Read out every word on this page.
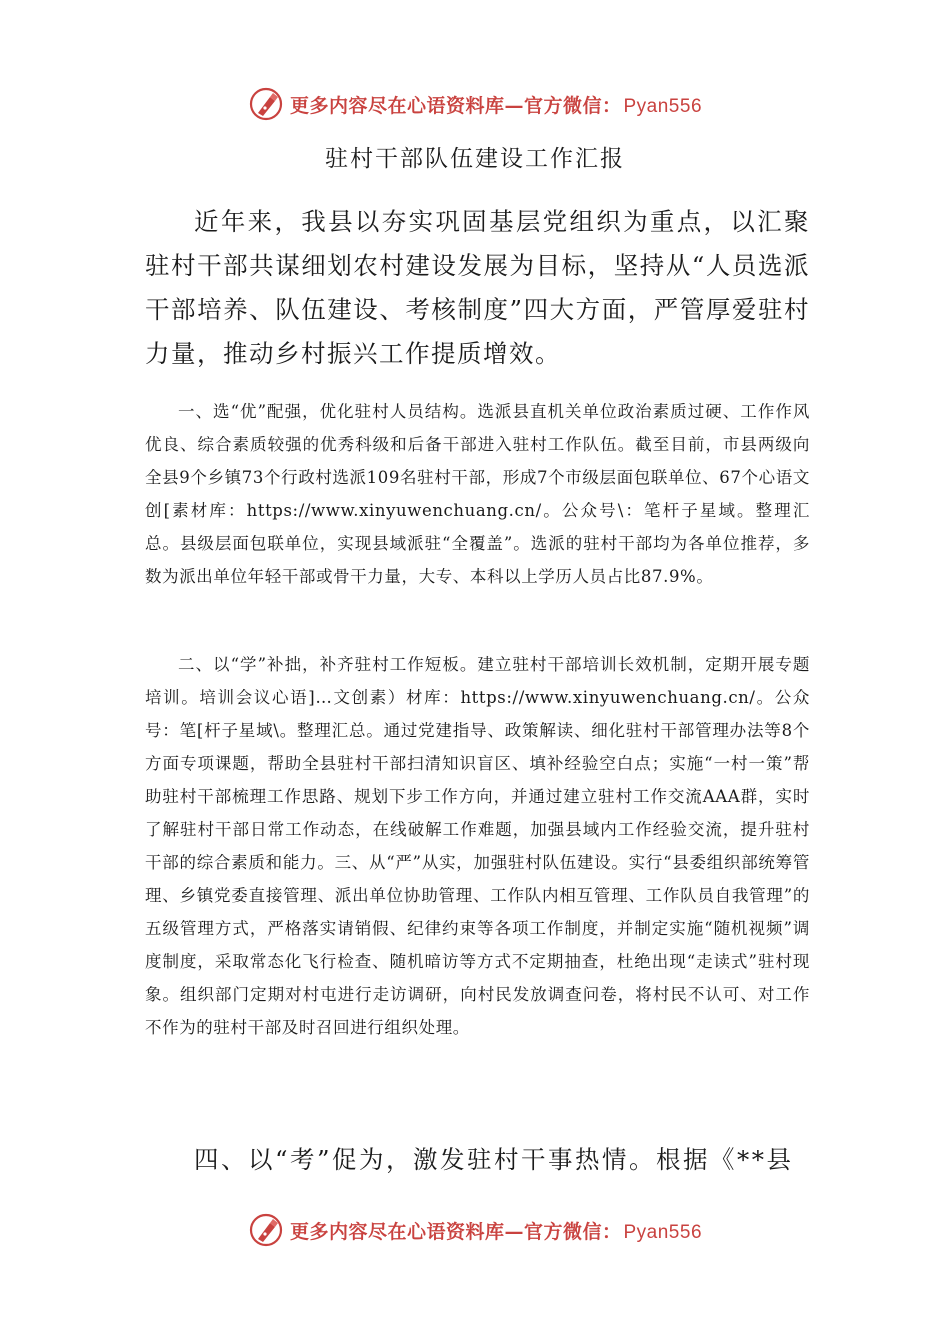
更多内容尽在心语资料库—官方微信： Pyan556
驻村干部队伍建设工作汇报

近年来，我县以夯实巩固基层党组织为重点，以汇聚驻村干部共谋细划农村建设发展为目标，坚持从“人员选派干部培养、队伍建设、考核制度”四大方面，严管厚爱驻村力量，推动乡村振兴工作提质增效。

一、选“优”配强，优化驻村人员结构。选派县直机关单位政治素质过硬、工作作风优良、综合素质较强的优秀科级和后备干部进入驻村工作队伍。截至目前，市县两级向全县9个乡镇73个行政村选派109名驻村干部，形成7个市级层面包联单位、67个心语文创[素材库：https://www.xinyuwenchuang.cn/。公众号\：笔杆子星域。整理汇总。县级层面包联单位，实现县域派驻“全覆盖”。选派的驻村干部均为各单位推荐，多数为派出单位年轻干部或骨干力量，大专、本科以上学历人员占比87.9%。

二、以“学”补拙，补齐驻村工作短板。建立驻村干部培训长效机制，定期开展专题培训。培训会议心语]…文创素）材库：https://www.xinyuwenchuang.cn/。公众号：笔[杆子星域\。整理汇总。通过党建指导、政策解读、细化驻村干部管理办法等8个方面专项课题，帮助全县驻村干部扫清知识盲区、填补经验空白点；实施“一村一策”帮助驻村干部梳理工作思路、规划下步工作方向，并通过建立驻村工作交流AAA群，实时了解驻村干部日常工作动态，在线破解工作难题，加强县域内工作经验交流，提升驻村干部的综合素质和能力。三、从“严”从实，加强驻村队伍建设。实行“县委组织部统筹管理、乡镇党委直接管理、派出单位协助管理、工作队内相互管理、工作队员自我管理”的五级管理方式，严格落实请销假、纪律约束等各项工作制度，并制定实施“随机视频”调度制度，采取常态化飞行检查、随机暗访等方式不定期抽查，杜绝出现“走读式”驻村现象。组织部门定期对村屯进行走访调研，向村民发放调查问卷，将村民不认可、对工作不作为的驻村干部及时召回进行组织处理。

四、以“考”促为，激发驻村干事热情。根据《**县

更多内容尽在心语资料库—官方微信： Pyan556
